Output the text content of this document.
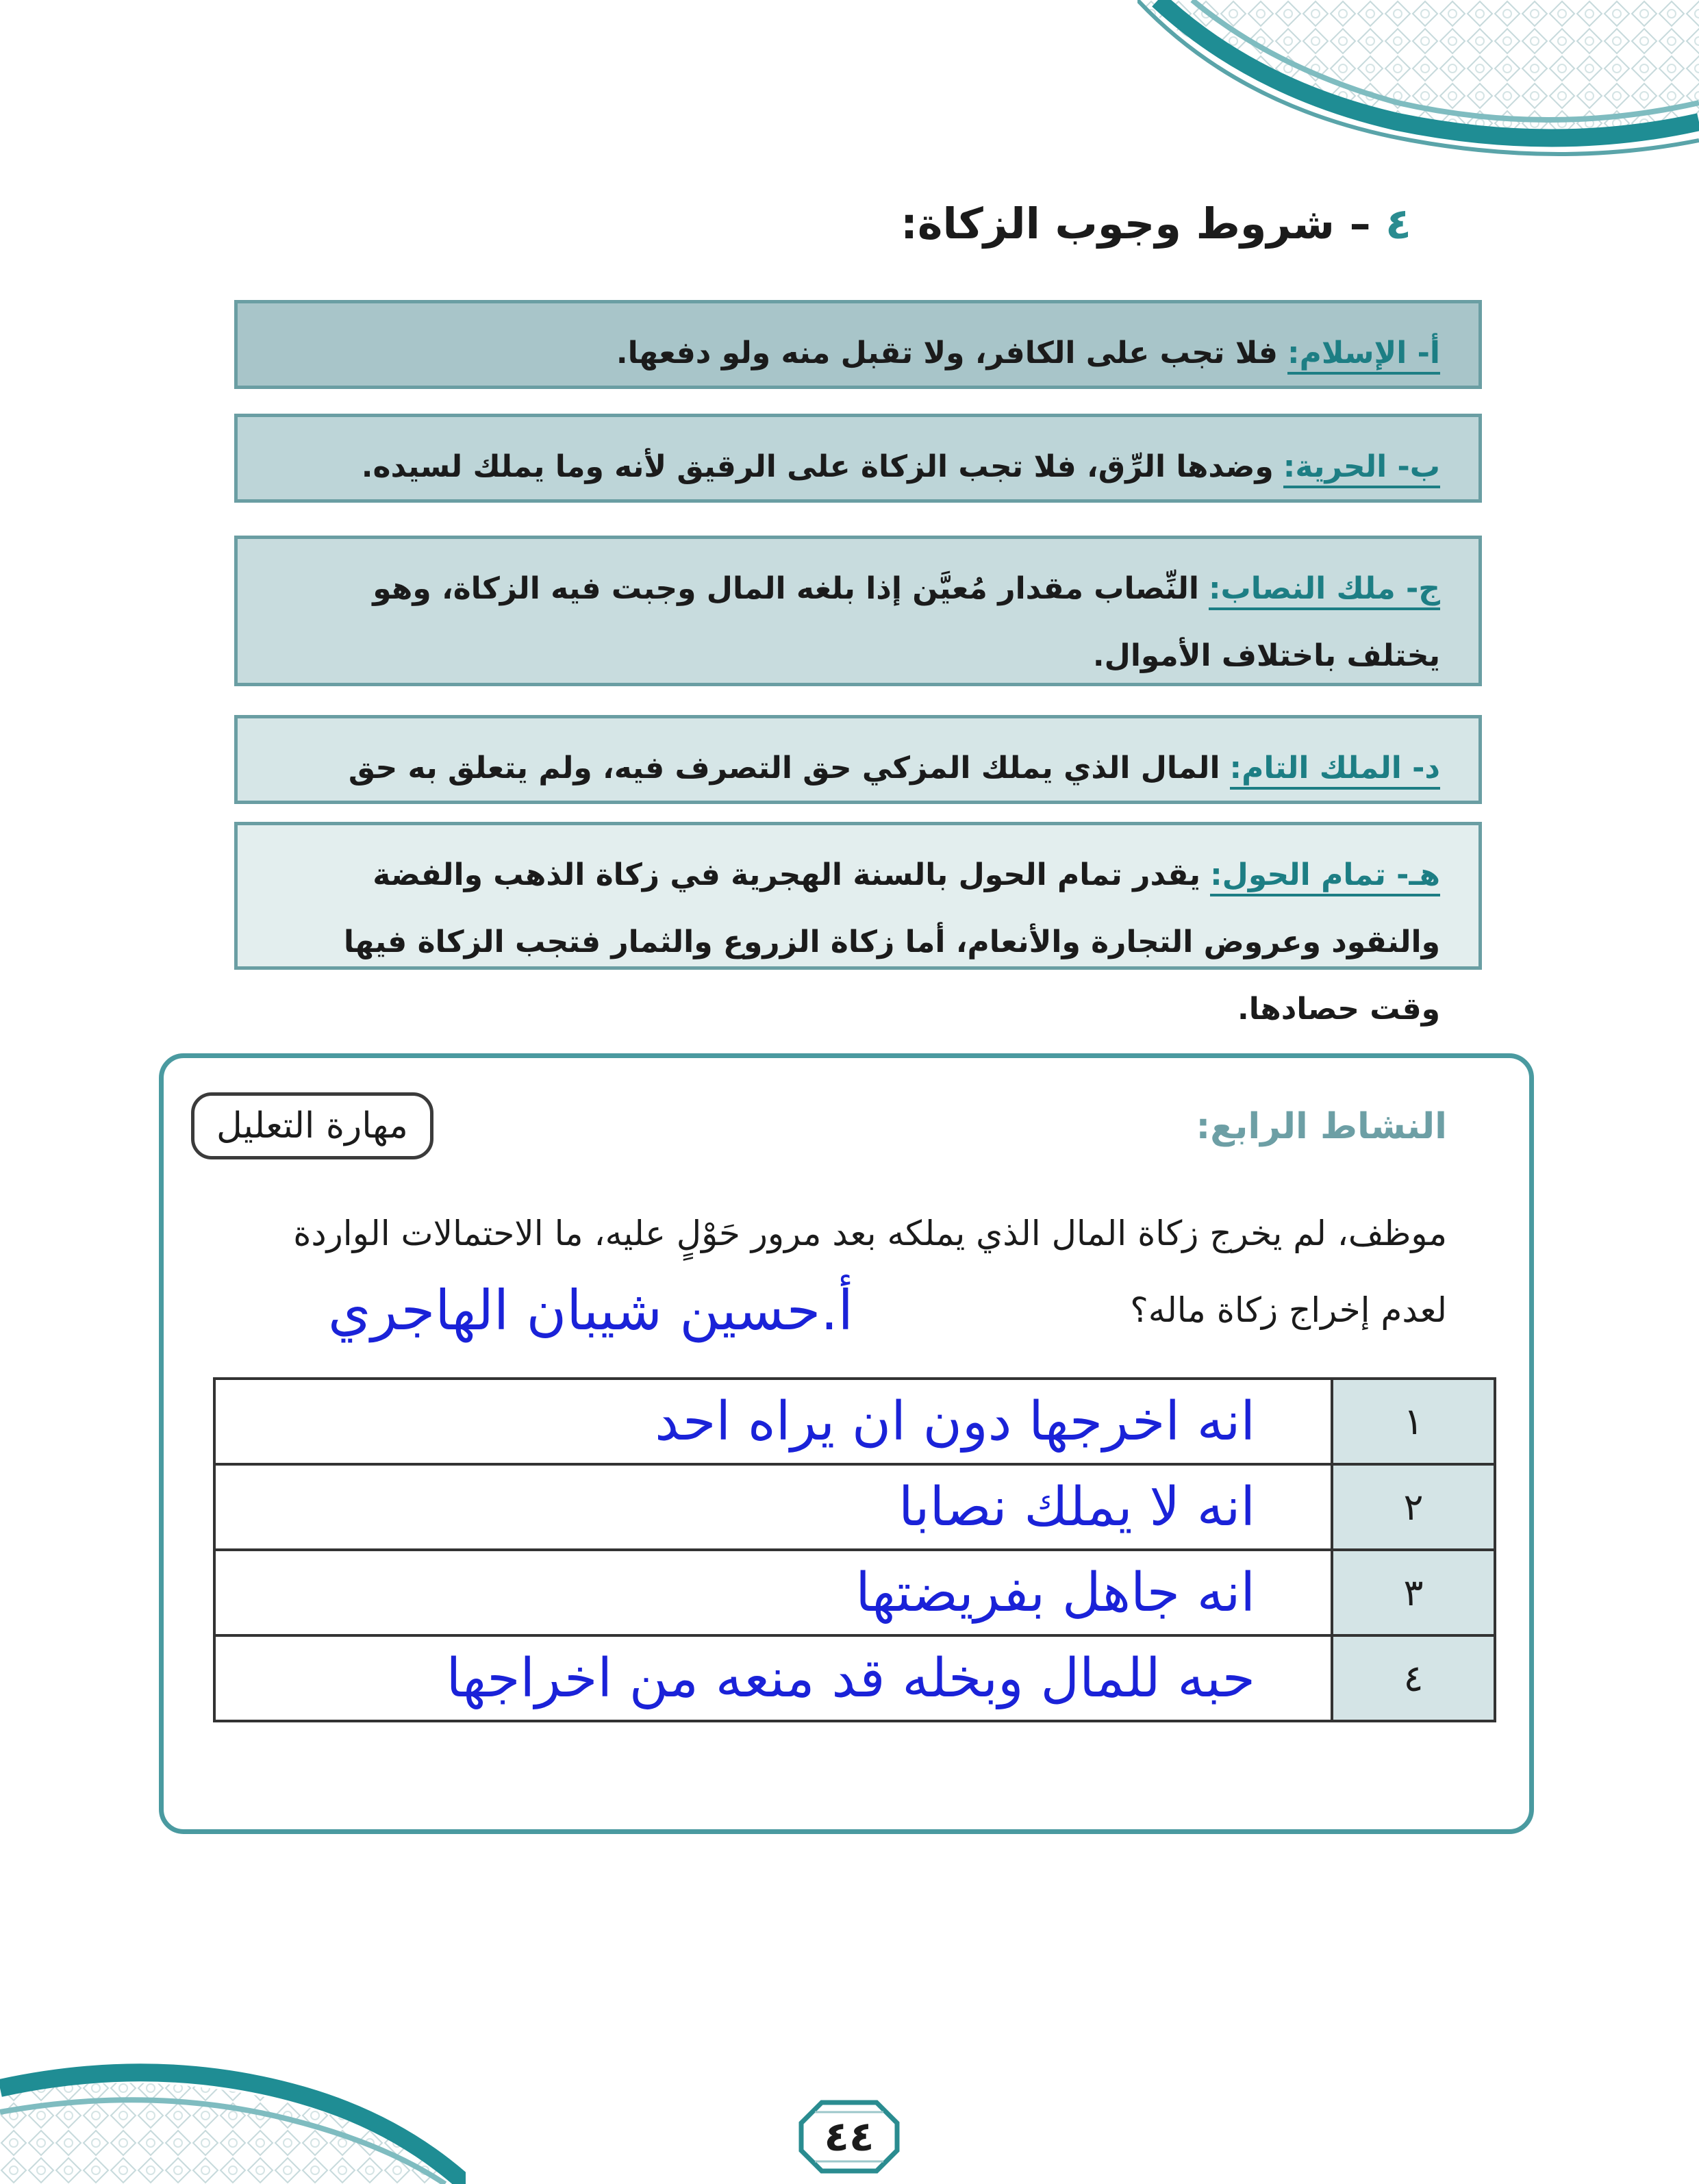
٤ – شروط وجوب الزكاة:
أ- الإسلام:فلا تجب على الكافر، ولا تقبل منه ولو دفعها.
ب- الحرية:وضدها الرِّق، فلا تجب الزكاة على الرقيق لأنه وما يملك لسيده.
ج- ملك النصاب:النِّصاب مقدار مُعيَّن إذا بلغه المال وجبت فيه الزكاة، وهو يختلف باختلاف الأموال.
د- الملك التام:المال الذي يملك المزكي حق التصرف فيه، ولم يتعلق به حق
هـ- تمام الحول:يقدر تمام الحول بالسنة الهجرية في زكاة الذهب والفضة والنقود وعروض التجارة والأنعام، أما زكاة الزروع والثمار فتجب الزكاة فيها وقت حصادها.
النشاط الرابع:
مهارة التعليل
موظف، لم يخرج زكاة المال الذي يملكه بعد مرور حَوْلٍ عليه، ما الاحتمالات الواردة لعدم إخراج زكاة ماله؟
أ.حسين شيبان الهاجري
١	انه اخرجها دون ان يراه احد
٢	انه لا يملك نصابا
٣	انه جاهل بفريضتها
٤	حبه للمال وبخله قد منعه من اخراجها
٤٤
